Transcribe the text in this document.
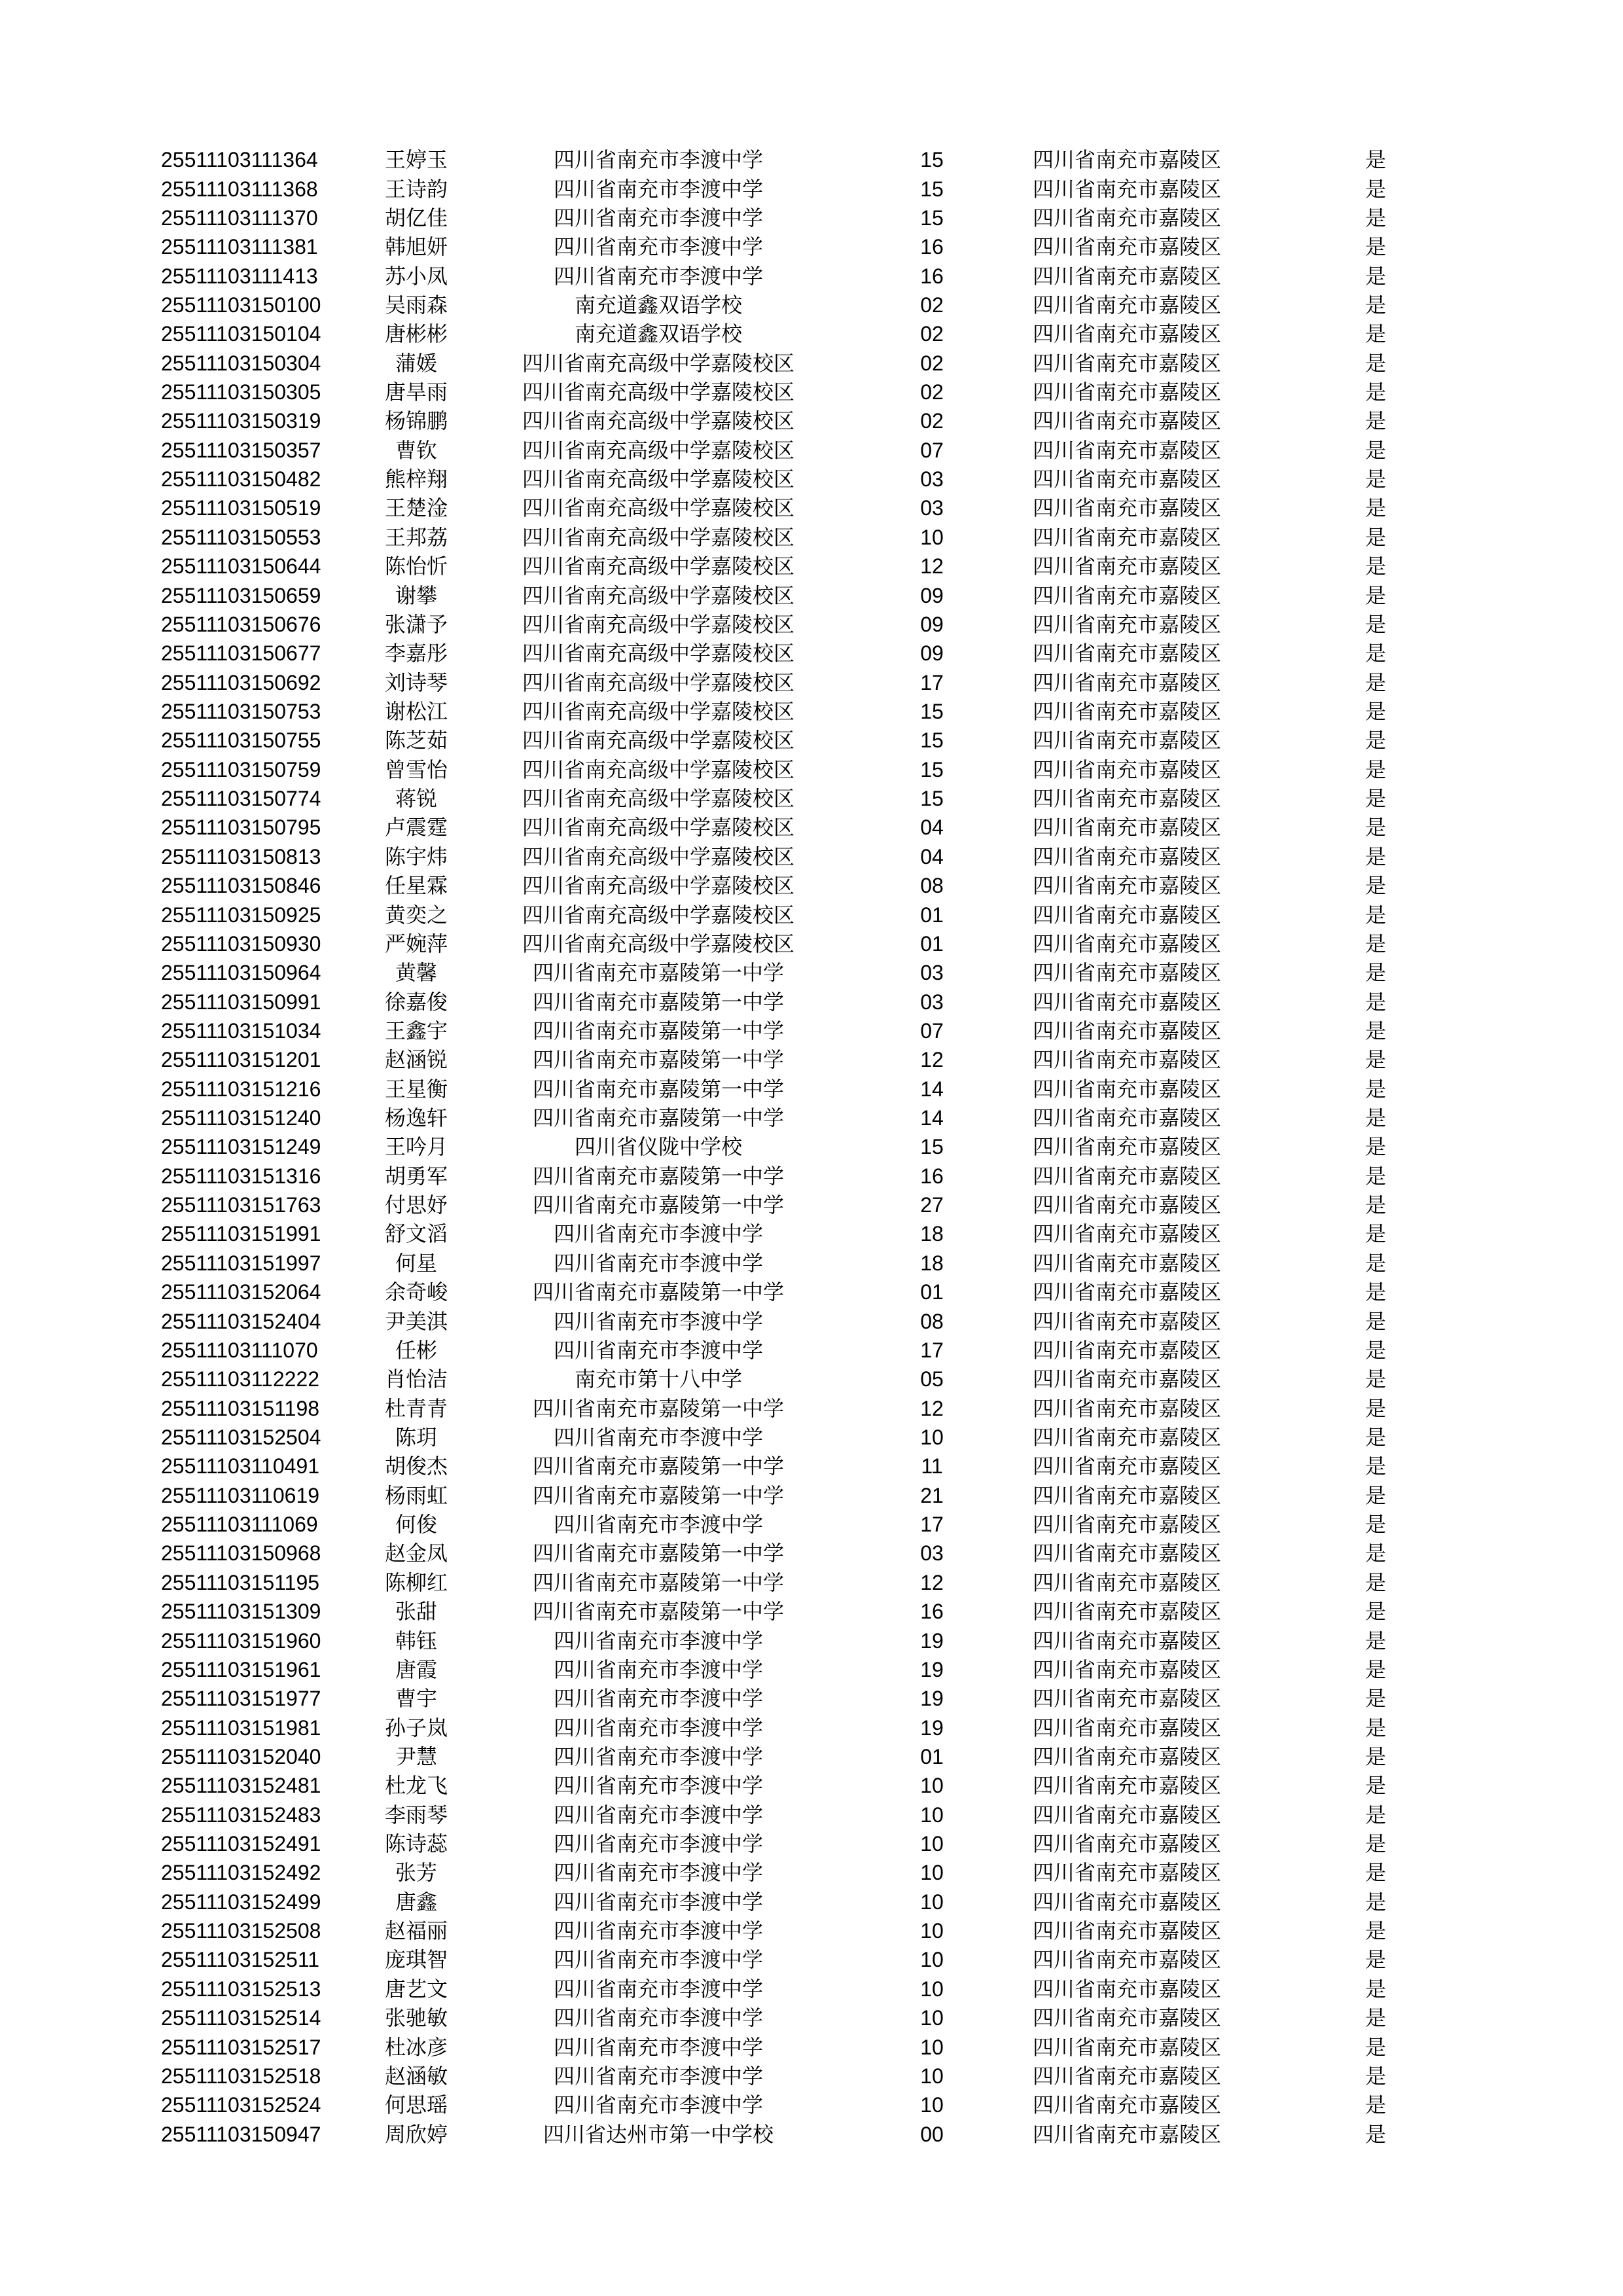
25511103111364	王婷玉	四川省南充市李渡中学	15	四川省南充市嘉陵区	是
25511103111368	王诗韵	四川省南充市李渡中学	15	四川省南充市嘉陵区	是
25511103111370	胡亿佳	四川省南充市李渡中学	15	四川省南充市嘉陵区	是
25511103111381	韩旭妍	四川省南充市李渡中学	16	四川省南充市嘉陵区	是
25511103111413	苏小凤	四川省南充市李渡中学	16	四川省南充市嘉陵区	是
25511103150100	吴雨森	南充道鑫双语学校	02	四川省南充市嘉陵区	是
25511103150104	唐彬彬	南充道鑫双语学校	02	四川省南充市嘉陵区	是
25511103150304	蒲媛	四川省南充高级中学嘉陵校区	02	四川省南充市嘉陵区	是
25511103150305	唐旱雨	四川省南充高级中学嘉陵校区	02	四川省南充市嘉陵区	是
25511103150319	杨锦鹏	四川省南充高级中学嘉陵校区	02	四川省南充市嘉陵区	是
25511103150357	曹钦	四川省南充高级中学嘉陵校区	07	四川省南充市嘉陵区	是
25511103150482	熊梓翔	四川省南充高级中学嘉陵校区	03	四川省南充市嘉陵区	是
25511103150519	王楚淦	四川省南充高级中学嘉陵校区	03	四川省南充市嘉陵区	是
25511103150553	王邦荔	四川省南充高级中学嘉陵校区	10	四川省南充市嘉陵区	是
25511103150644	陈怡忻	四川省南充高级中学嘉陵校区	12	四川省南充市嘉陵区	是
25511103150659	谢攀	四川省南充高级中学嘉陵校区	09	四川省南充市嘉陵区	是
25511103150676	张潇予	四川省南充高级中学嘉陵校区	09	四川省南充市嘉陵区	是
25511103150677	李嘉彤	四川省南充高级中学嘉陵校区	09	四川省南充市嘉陵区	是
25511103150692	刘诗琴	四川省南充高级中学嘉陵校区	17	四川省南充市嘉陵区	是
25511103150753	谢松江	四川省南充高级中学嘉陵校区	15	四川省南充市嘉陵区	是
25511103150755	陈芝茹	四川省南充高级中学嘉陵校区	15	四川省南充市嘉陵区	是
25511103150759	曾雪怡	四川省南充高级中学嘉陵校区	15	四川省南充市嘉陵区	是
25511103150774	蒋锐	四川省南充高级中学嘉陵校区	15	四川省南充市嘉陵区	是
25511103150795	卢震霆	四川省南充高级中学嘉陵校区	04	四川省南充市嘉陵区	是
25511103150813	陈宇炜	四川省南充高级中学嘉陵校区	04	四川省南充市嘉陵区	是
25511103150846	任星霖	四川省南充高级中学嘉陵校区	08	四川省南充市嘉陵区	是
25511103150925	黄奕之	四川省南充高级中学嘉陵校区	01	四川省南充市嘉陵区	是
25511103150930	严婉萍	四川省南充高级中学嘉陵校区	01	四川省南充市嘉陵区	是
25511103150964	黄馨	四川省南充市嘉陵第一中学	03	四川省南充市嘉陵区	是
25511103150991	徐嘉俊	四川省南充市嘉陵第一中学	03	四川省南充市嘉陵区	是
25511103151034	王鑫宇	四川省南充市嘉陵第一中学	07	四川省南充市嘉陵区	是
25511103151201	赵涵锐	四川省南充市嘉陵第一中学	12	四川省南充市嘉陵区	是
25511103151216	王星衡	四川省南充市嘉陵第一中学	14	四川省南充市嘉陵区	是
25511103151240	杨逸轩	四川省南充市嘉陵第一中学	14	四川省南充市嘉陵区	是
25511103151249	王吟月	四川省仪陇中学校	15	四川省南充市嘉陵区	是
25511103151316	胡勇军	四川省南充市嘉陵第一中学	16	四川省南充市嘉陵区	是
25511103151763	付思妤	四川省南充市嘉陵第一中学	27	四川省南充市嘉陵区	是
25511103151991	舒文滔	四川省南充市李渡中学	18	四川省南充市嘉陵区	是
25511103151997	何星	四川省南充市李渡中学	18	四川省南充市嘉陵区	是
25511103152064	余奇峻	四川省南充市嘉陵第一中学	01	四川省南充市嘉陵区	是
25511103152404	尹美淇	四川省南充市李渡中学	08	四川省南充市嘉陵区	是
25511103111070	任彬	四川省南充市李渡中学	17	四川省南充市嘉陵区	是
25511103112222	肖怡洁	南充市第十八中学	05	四川省南充市嘉陵区	是
25511103151198	杜青青	四川省南充市嘉陵第一中学	12	四川省南充市嘉陵区	是
25511103152504	陈玥	四川省南充市李渡中学	10	四川省南充市嘉陵区	是
25511103110491	胡俊杰	四川省南充市嘉陵第一中学	11	四川省南充市嘉陵区	是
25511103110619	杨雨虹	四川省南充市嘉陵第一中学	21	四川省南充市嘉陵区	是
25511103111069	何俊	四川省南充市李渡中学	17	四川省南充市嘉陵区	是
25511103150968	赵金凤	四川省南充市嘉陵第一中学	03	四川省南充市嘉陵区	是
25511103151195	陈柳红	四川省南充市嘉陵第一中学	12	四川省南充市嘉陵区	是
25511103151309	张甜	四川省南充市嘉陵第一中学	16	四川省南充市嘉陵区	是
25511103151960	韩钰	四川省南充市李渡中学	19	四川省南充市嘉陵区	是
25511103151961	唐霞	四川省南充市李渡中学	19	四川省南充市嘉陵区	是
25511103151977	曹宇	四川省南充市李渡中学	19	四川省南充市嘉陵区	是
25511103151981	孙子岚	四川省南充市李渡中学	19	四川省南充市嘉陵区	是
25511103152040	尹慧	四川省南充市李渡中学	01	四川省南充市嘉陵区	是
25511103152481	杜龙飞	四川省南充市李渡中学	10	四川省南充市嘉陵区	是
25511103152483	李雨琴	四川省南充市李渡中学	10	四川省南充市嘉陵区	是
25511103152491	陈诗蕊	四川省南充市李渡中学	10	四川省南充市嘉陵区	是
25511103152492	张芳	四川省南充市李渡中学	10	四川省南充市嘉陵区	是
25511103152499	唐鑫	四川省南充市李渡中学	10	四川省南充市嘉陵区	是
25511103152508	赵福丽	四川省南充市李渡中学	10	四川省南充市嘉陵区	是
25511103152511	庞琪智	四川省南充市李渡中学	10	四川省南充市嘉陵区	是
25511103152513	唐艺文	四川省南充市李渡中学	10	四川省南充市嘉陵区	是
25511103152514	张驰敏	四川省南充市李渡中学	10	四川省南充市嘉陵区	是
25511103152517	杜冰彦	四川省南充市李渡中学	10	四川省南充市嘉陵区	是
25511103152518	赵涵敏	四川省南充市李渡中学	10	四川省南充市嘉陵区	是
25511103152524	何思瑶	四川省南充市李渡中学	10	四川省南充市嘉陵区	是
25511103150947	周欣婷	四川省达州市第一中学校	00	四川省南充市嘉陵区	是
